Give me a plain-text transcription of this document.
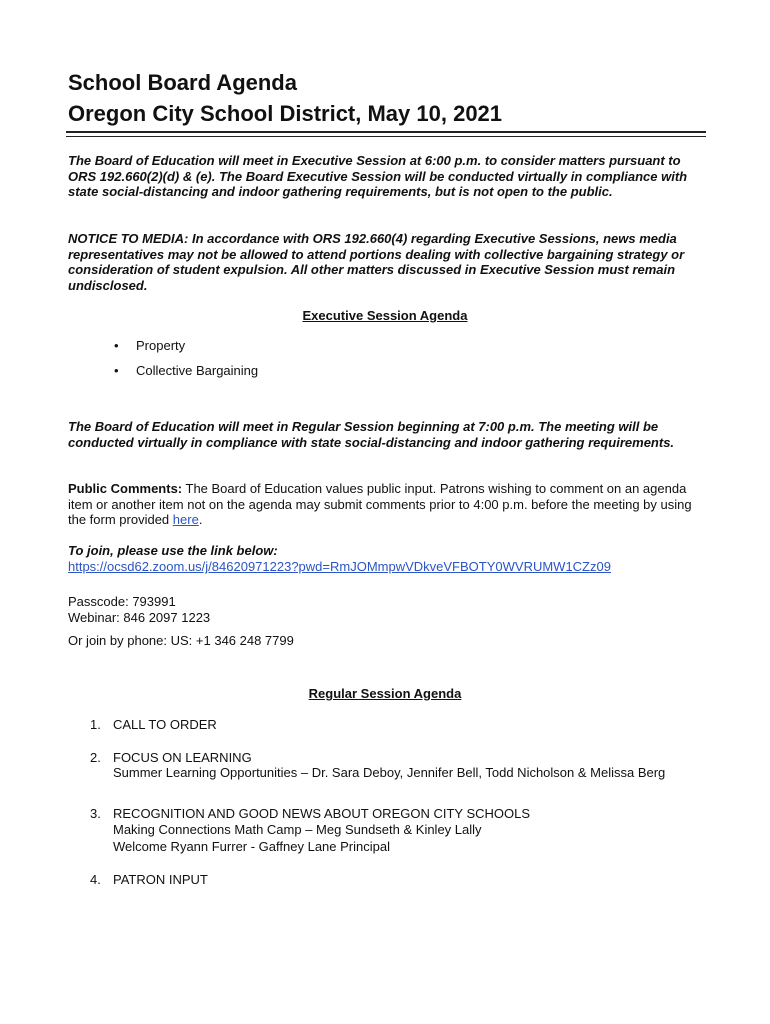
School Board Agenda
Oregon City School District, May 10, 2021

The Board of Education will meet in Executive Session at 6:00 p.m. to consider matters pursuant to ORS 192.660(2)(d) & (e). The Board Executive Session will be conducted virtually in compliance with state social-distancing and indoor gathering requirements, but is not open to the public.

NOTICE TO MEDIA: In accordance with ORS 192.660(4) regarding Executive Sessions, news media representatives may not be allowed to attend portions dealing with collective bargaining strategy or consideration of student expulsion. All other matters discussed in Executive Session must remain undisclosed.

Executive Session Agenda

• Property
• Collective Bargaining

The Board of Education will meet in Regular Session beginning at 7:00 p.m. The meeting will be conducted virtually in compliance with state social-distancing and indoor gathering requirements.

Public Comments: The Board of Education values public input. Patrons wishing to comment on an agenda item or another item not on the agenda may submit comments prior to 4:00 p.m. before the meeting by using the form provided here.

To join, please use the link below:

https://ocsd62.zoom.us/j/84620971223?pwd=RmJOMmpwVDkveVFBOTY0WVRUMW1CZz09

Passcode: 793991

Webinar: 846 2097 1223

Or join by phone: US: +1 346 248 7799

Regular Session Agenda

1. CALL TO ORDER

2. FOCUS ON LEARNING

Summer Learning Opportunities – Dr. Sara Deboy, Jennifer Bell, Todd Nicholson & Melissa Berg

3. RECOGNITION AND GOOD NEWS ABOUT OREGON CITY SCHOOLS

Making Connections Math Camp – Meg Sundseth & Kinley Lally

Welcome Ryann Furrer - Gaffney Lane Principal

4. PATRON INPUT
